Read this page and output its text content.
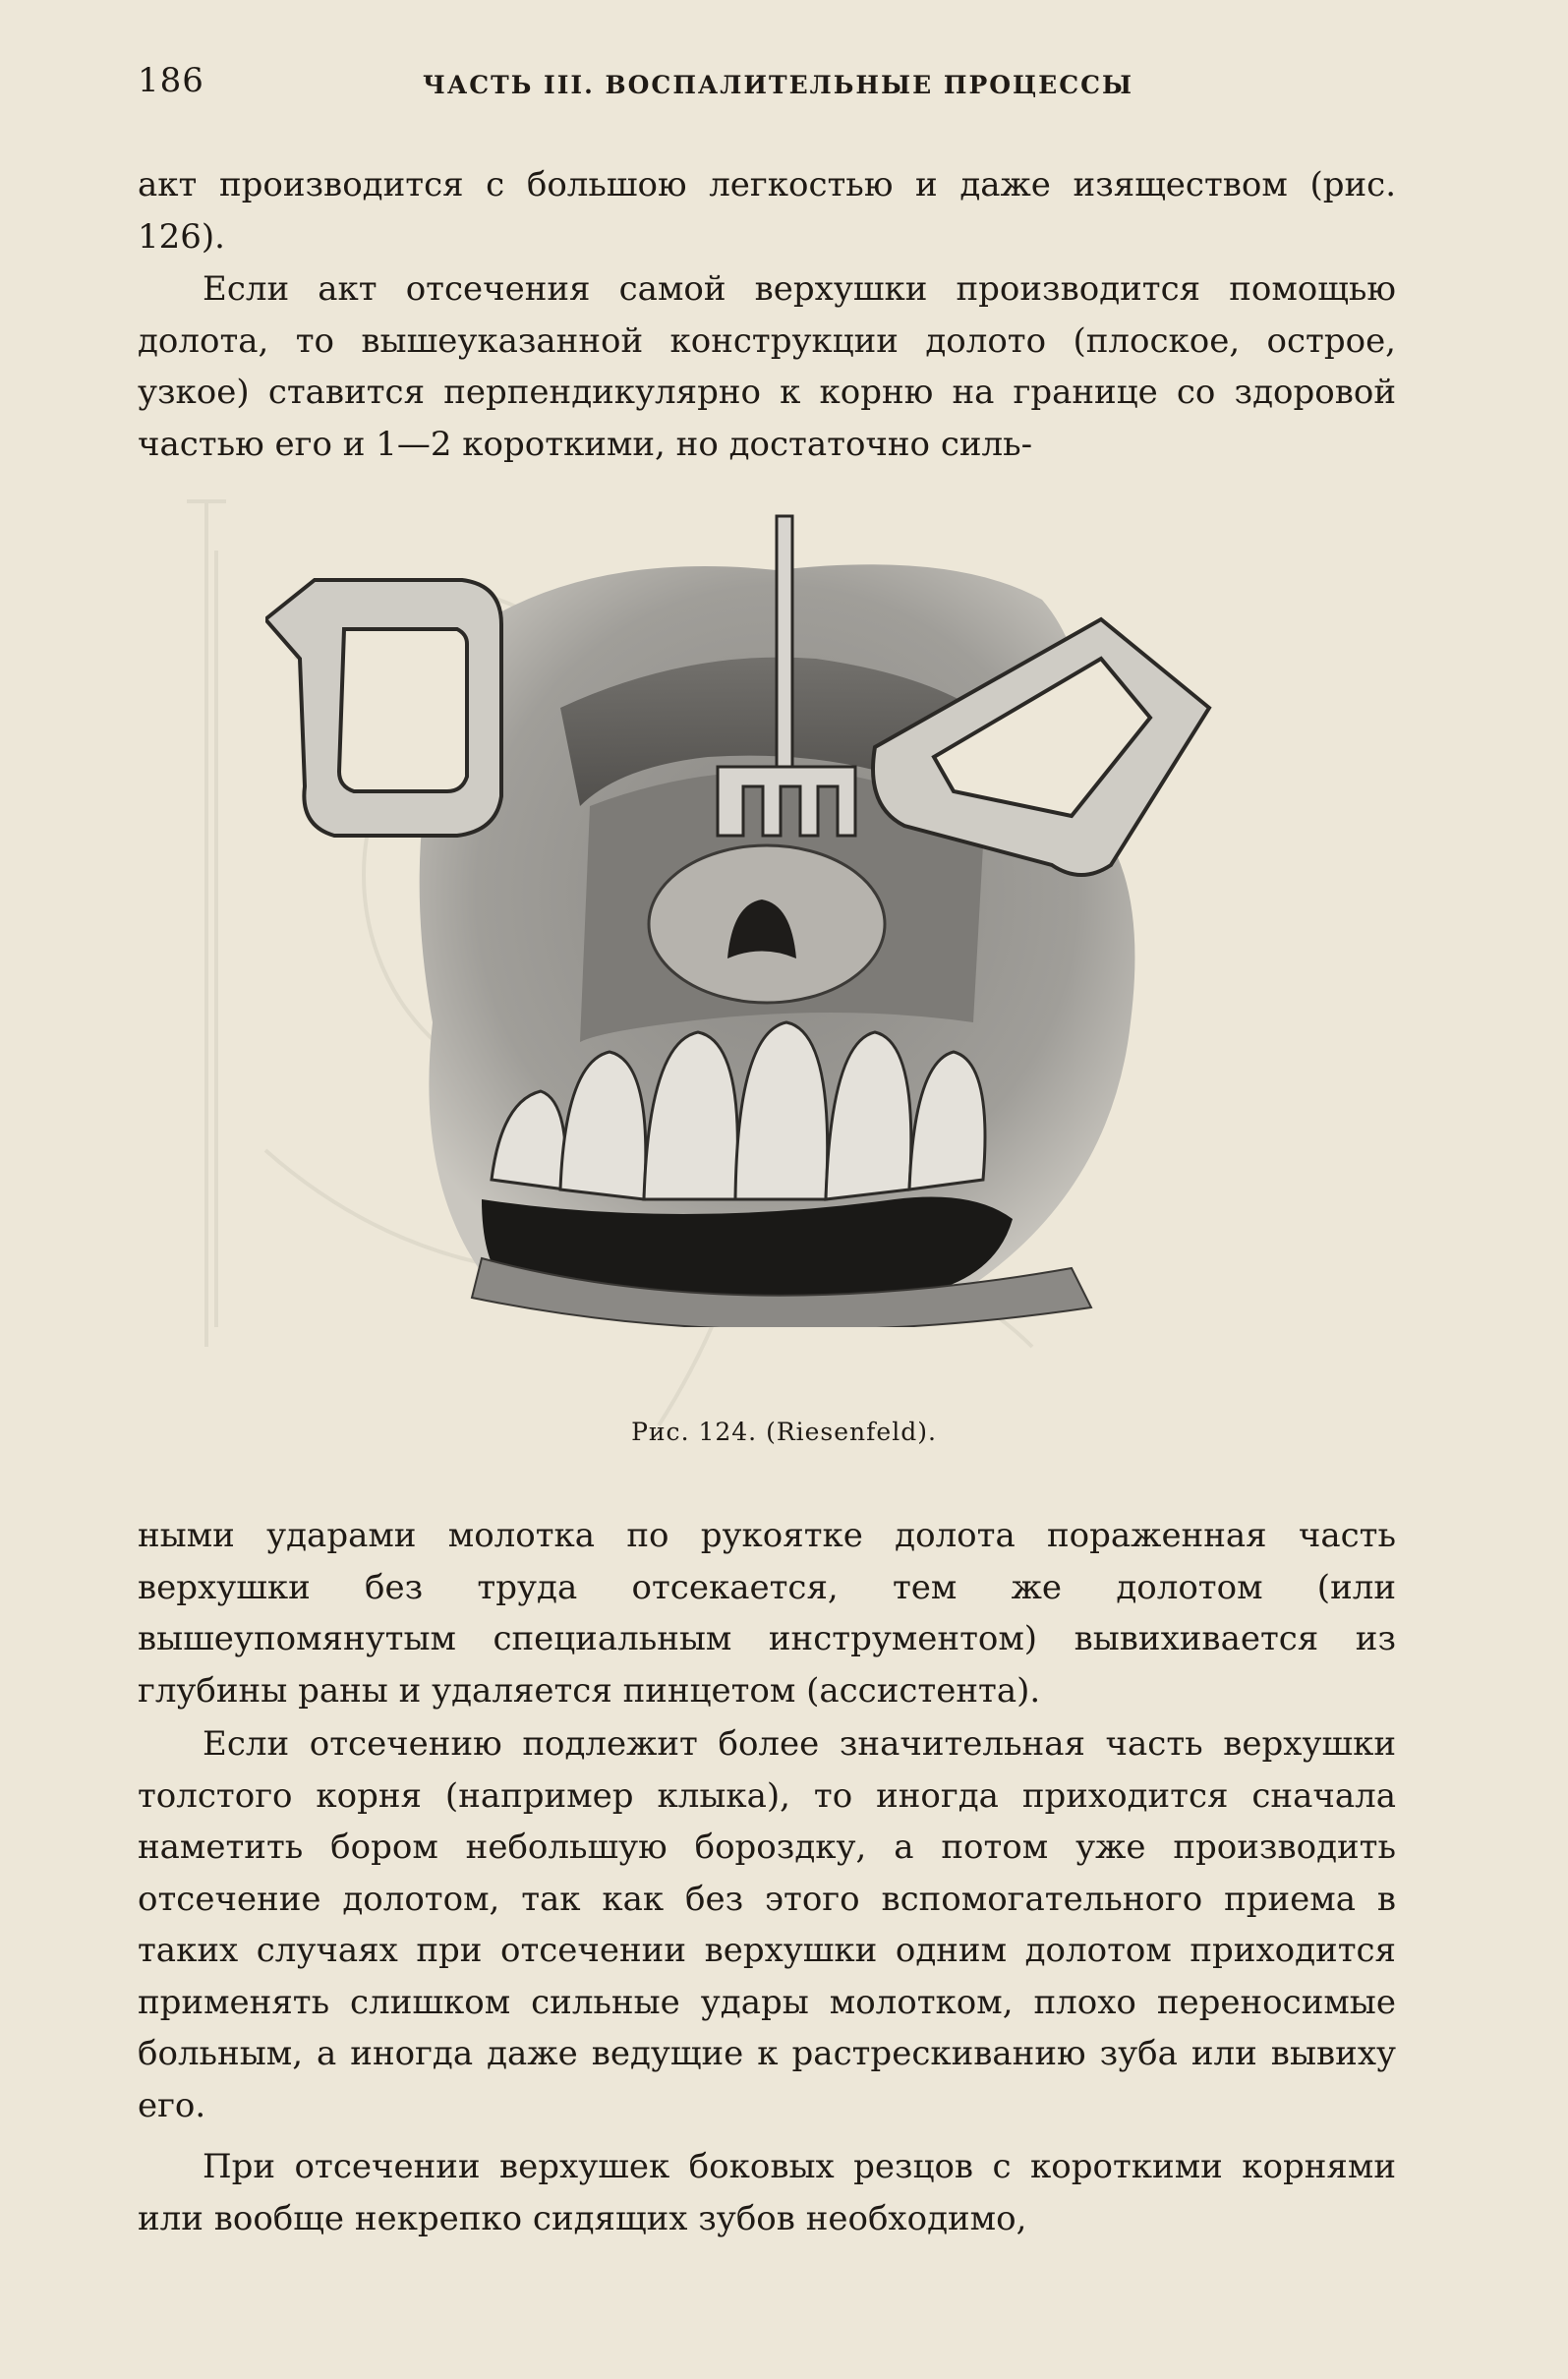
186	ЧАСТЬ III. ВОСПАЛИТЕЛЬНЫЕ ПРОЦЕССЫ

акт производится с большою легкостью и даже изяществом (рис. 126).

Если акт отсечения самой верхушки производится помощью долота, то вышеуказанной конструкции долото (плоское, острое, узкое) ставится перпендикулярно к корню на границе со здоровой частью его и 1—2 короткими, но достаточно силь-

Рис. 124. (Riesenfeld).

ными ударами молотка по рукоятке долота пораженная часть верхушки без труда отсекается, тем же долотом (или вышеупомянутым специальным инструментом) вывихивается из глубины раны и удаляется пинцетом (ассистента).

Если отсечению подлежит более значительная часть верхушки толстого корня (например клыка), то иногда приходится сначала наметить бором небольшую бороздку, а потом уже производить отсечение долотом, так как без этого вспомогательного приема в таких случаях при отсечении верхушки одним долотом приходится применять слишком сильные удары молотком, плохо переносимые больным, а иногда даже ведущие к растрескиванию зуба или вывиху его.

При отсечении верхушек боковых резцов с короткими корнями или вообще некрепко сидящих зубов необходимо,
